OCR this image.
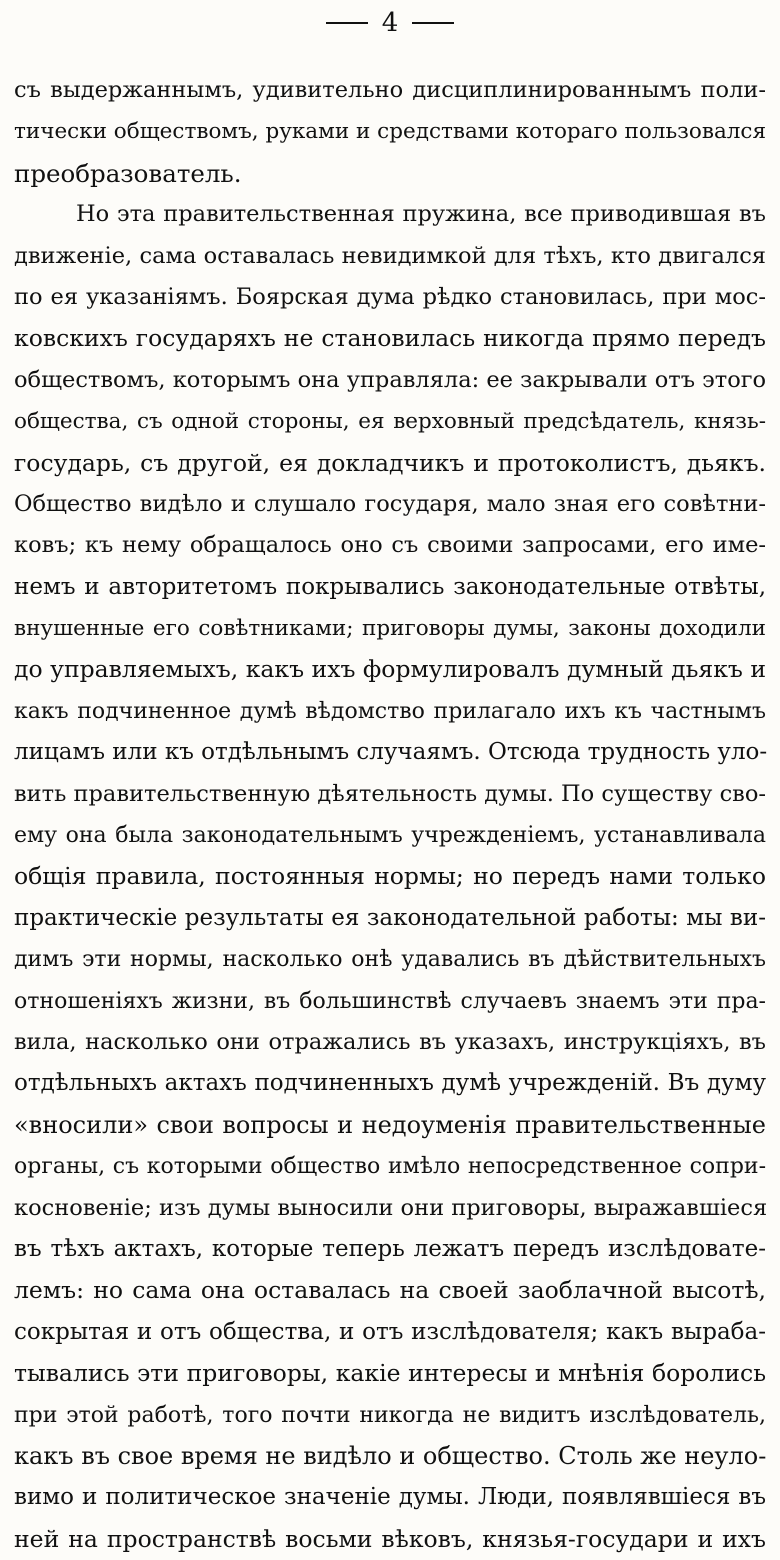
4
съ выдержаннымъ, удивительно дисциплинированнымъ поли-
тически обществомъ, руками и средствами котораго пользовался
преобразователь.
Но эта правительственная пружина, все приводившая въ
движеніе, сама оставалась невидимкой для тѣхъ, кто двигался
по ея указаніямъ. Боярская дума рѣдко становилась, при мос-
ковскихъ государяхъ не становилась никогда прямо передъ
обществомъ, которымъ она управляла: ее закрывали отъ этого
общества, съ одной стороны, ея верховный предсѣдатель, князь-
государь, съ другой, ея докладчикъ и протоколистъ, дьякъ.
Общество видѣло и слушало государя, мало зная его совѣтни-
ковъ; къ нему обращалось оно съ своими запросами, его име-
немъ и авторитетомъ покрывались законодательные отвѣты,
внушенные его совѣтниками; приговоры думы, законы доходили
до управляемыхъ, какъ ихъ формулировалъ думный дьякъ и
какъ подчиненное думѣ вѣдомство прилагало ихъ къ частнымъ
лицамъ или къ отдѣльнымъ случаямъ. Отсюда трудность уло-
вить правительственную дѣятельность думы. По существу сво-
ему она была законодательнымъ учрежденіемъ, устанавливала
общія правила, постоянныя нормы; но передъ нами только
практическіе результаты ея законодательной работы: мы ви-
димъ эти нормы, насколько онѣ удавались въ дѣйствительныхъ
отношеніяхъ жизни, въ большинствѣ случаевъ знаемъ эти пра-
вила, насколько они отражались въ указахъ, инструкціяхъ, въ
отдѣльныхъ актахъ подчиненныхъ думѣ учрежденій. Въ думу
«вносили» свои вопросы и недоуменія правительственные
органы, съ которыми общество имѣло непосредственное сопри-
косновеніе; изъ думы выносили они приговоры, выражавшіеся
въ тѣхъ актахъ, которые теперь лежатъ передъ изслѣдовате-
лемъ: но сама она оставалась на своей заоблачной высотѣ,
сокрытая и отъ общества, и отъ изслѣдователя; какъ выраба-
тывались эти приговоры, какіе интересы и мнѣнія боролись
при этой работѣ, того почти никогда не видитъ изслѣдователь,
какъ въ свое время не видѣло и общество. Столь же неуло-
вимо и политическое значеніе думы. Люди, появлявшіеся въ
ней на пространствѣ восьми вѣковъ, князья-государи и ихъ
